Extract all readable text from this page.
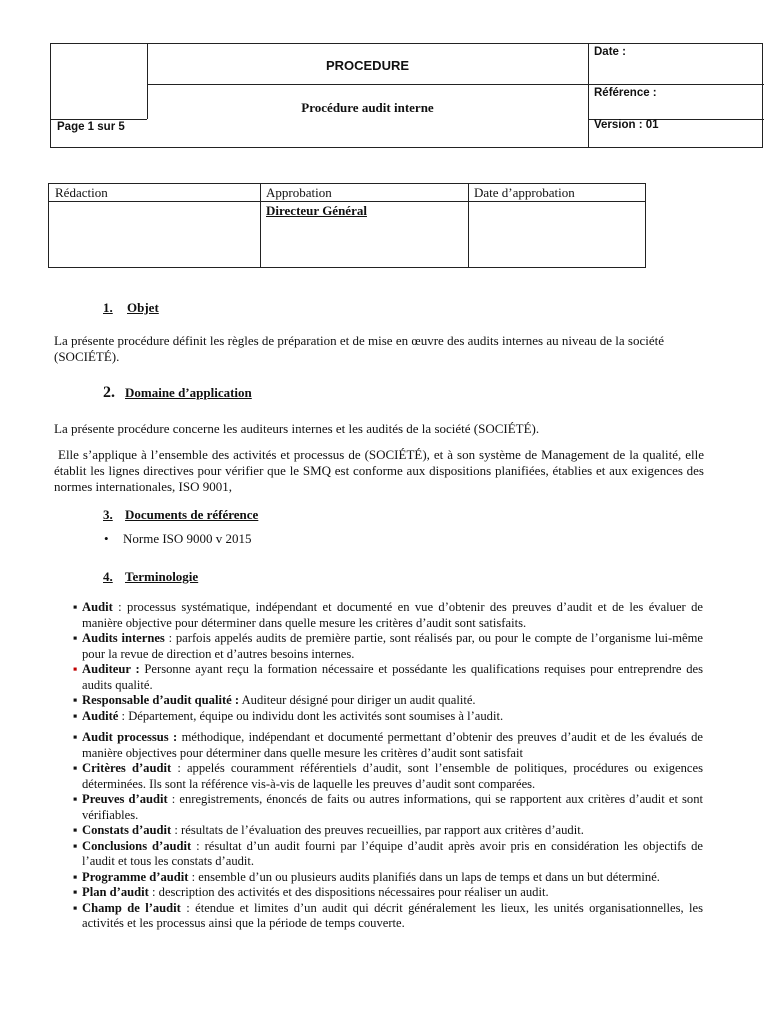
PROCEDURE
Procédure audit interne
Page 1 sur 5
Date :
Référence :
Version : 01
Rédaction	Approbation	Date d’approbation
Directeur Général
1. Objet
La présente procédure définit les règles de préparation et de mise en œuvre des audits internes au niveau de la société (SOCIÉTÉ).
2. Domaine d’application
La présente procédure concerne les auditeurs internes et les audités de la société (SOCIÉTÉ).
Elle s’applique à l’ensemble des activités et processus de (SOCIÉTÉ), et à son système de Management de la qualité, elle établit les lignes directives pour vérifier que le SMQ est conforme aux dispositions planifiées, établies et aux exigences des normes internationales, ISO 9001,
3. Documents de référence
• Norme ISO 9000 v 2015
4. Terminologie
▪ Audit : processus systématique, indépendant et documenté en vue d’obtenir des preuves d’audit et de les évaluer de manière objective pour déterminer dans quelle mesure les critères d’audit sont satisfaits.
▪ Audits internes : parfois appelés audits de première partie, sont réalisés par, ou pour le compte de l’organisme lui-même pour la revue de direction et d’autres besoins internes.
▪ Auditeur : Personne ayant reçu la formation nécessaire et possédante les qualifications requises pour entreprendre des audits qualité.
▪ Responsable d’audit qualité : Auditeur désigné pour diriger un audit qualité.
▪ Audité : Département, équipe ou individu dont les activités sont soumises à l’audit.
▪ Audit processus : méthodique, indépendant et documenté permettant d’obtenir des preuves d’audit et de les évalués de manière objectives pour déterminer dans quelle mesure les critères d’audit sont satisfait
▪ Critères d’audit : appelés couramment référentiels d’audit, sont l’ensemble de politiques, procédures ou exigences déterminées. Ils sont la référence vis-à-vis de laquelle les preuves d’audit sont comparées.
▪ Preuves d’audit : enregistrements, énoncés de faits ou autres informations, qui se rapportent aux critères d’audit et sont vérifiables.
▪ Constats d’audit : résultats de l’évaluation des preuves recueillies, par rapport aux critères d’audit.
▪ Conclusions d’audit : résultat d’un audit fourni par l’équipe d’audit après avoir pris en considération les objectifs de l’audit et tous les constats d’audit.
▪ Programme d’audit : ensemble d’un ou plusieurs audits planifiés dans un laps de temps et dans un but déterminé.
▪ Plan d’audit : description des activités et des dispositions nécessaires pour réaliser un audit.
▪ Champ de l’audit : étendue et limites d’un audit qui décrit généralement les lieux, les unités organisationnelles, les activités et les processus ainsi que la période de temps couverte.
